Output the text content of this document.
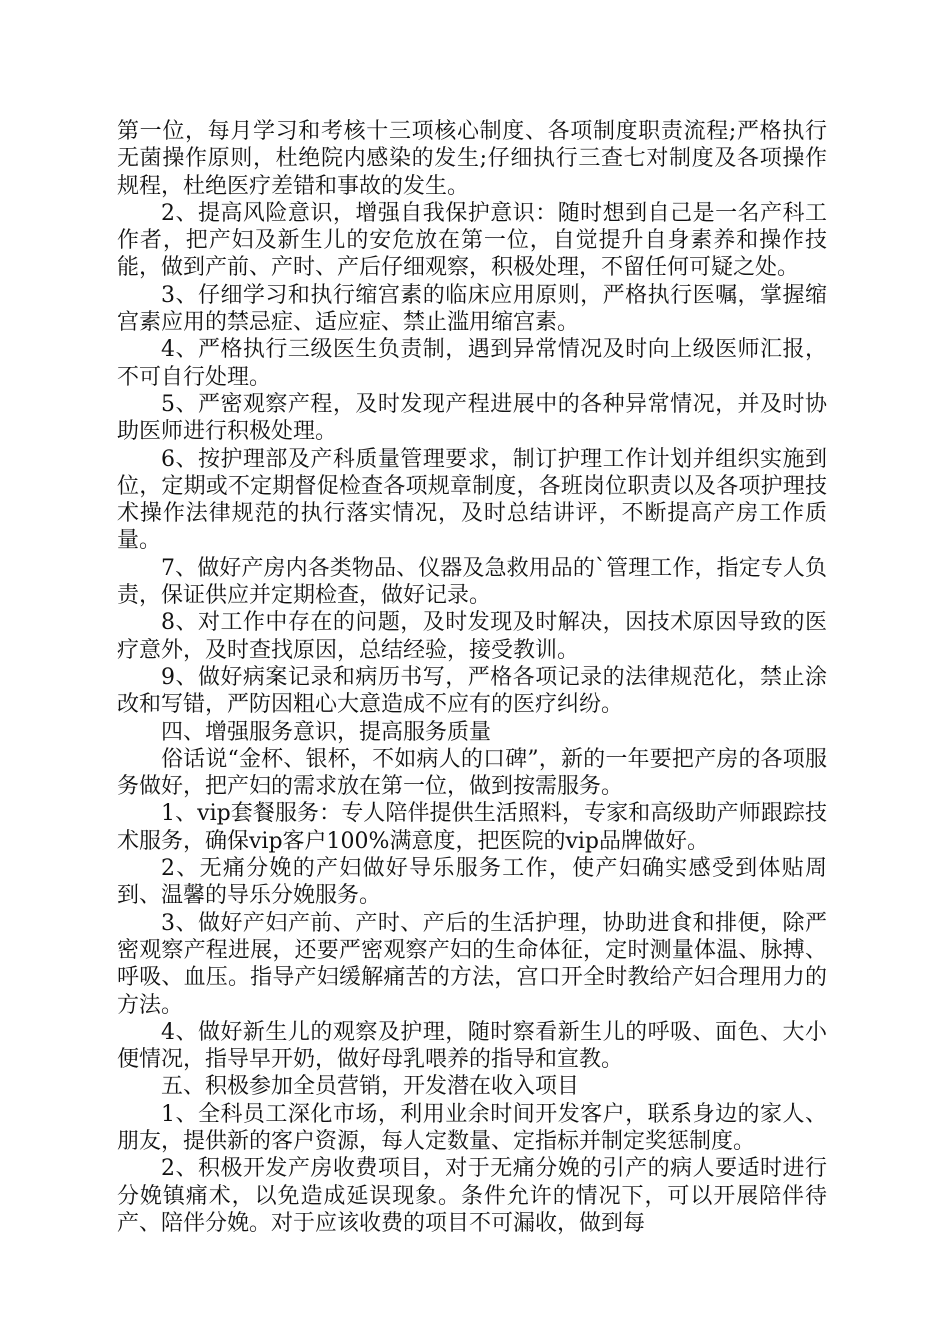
第一位，每月学习和考核十三项核心制度、各项制度职责流程;严格执行无菌操作原则，杜绝院内感染的发生;仔细执行三查七对制度及各项操作规程，杜绝医疗差错和事故的发生。

2、提高风险意识，增强自我保护意识：随时想到自己是一名产科工作者，把产妇及新生儿的安危放在第一位，自觉提升自身素养和操作技能，做到产前、产时、产后仔细观察，积极处理，不留任何可疑之处。

3、仔细学习和执行缩宫素的临床应用原则，严格执行医嘱，掌握缩宫素应用的禁忌症、适应症、禁止滥用缩宫素。

4、严格执行三级医生负责制，遇到异常情况及时向上级医师汇报，不可自行处理。

5、严密观察产程，及时发现产程进展中的各种异常情况，并及时协助医师进行积极处理。

6、按护理部及产科质量管理要求，制订护理工作计划并组织实施到位，定期或不定期督促检查各项规章制度，各班岗位职责以及各项护理技术操作法律规范的执行落实情况，及时总结讲评，不断提高产房工作质量。

7、做好产房内各类物品、仪器及急救用品的`管理工作，指定专人负责，保证供应并定期检查，做好记录。

8、对工作中存在的问题，及时发现及时解决，因技术原因导致的医疗意外，及时查找原因，总结经验，接受教训。

9、做好病案记录和病历书写，严格各项记录的法律规范化，禁止涂改和写错，严防因粗心大意造成不应有的医疗纠纷。

四、增强服务意识，提高服务质量

俗话说“金杯、银杯，不如病人的口碑”，新的一年要把产房的各项服务做好，把产妇的需求放在第一位，做到按需服务。

1、vip套餐服务：专人陪伴提供生活照料，专家和高级助产师跟踪技术服务，确保vip客户100%满意度，把医院的vip品牌做好。

2、无痛分娩的产妇做好导乐服务工作，使产妇确实感受到体贴周到、温馨的导乐分娩服务。

3、做好产妇产前、产时、产后的生活护理，协助进食和排便，除严密观察产程进展，还要严密观察产妇的生命体征，定时测量体温、脉搏、呼吸、血压。指导产妇缓解痛苦的方法，宫口开全时教给产妇合理用力的方法。

4、做好新生儿的观察及护理，随时察看新生儿的呼吸、面色、大小便情况，指导早开奶，做好母乳喂养的指导和宣教。

五、积极参加全员营销，开发潜在收入项目

1、全科员工深化市场，利用业余时间开发客户，联系身边的家人、朋友，提供新的客户资源，每人定数量、定指标并制定奖惩制度。

2、积极开发产房收费项目，对于无痛分娩的引产的病人要适时进行分娩镇痛术，以免造成延误现象。条件允许的情况下，可以开展陪伴待产、陪伴分娩。对于应该收费的项目不可漏收，做到每
